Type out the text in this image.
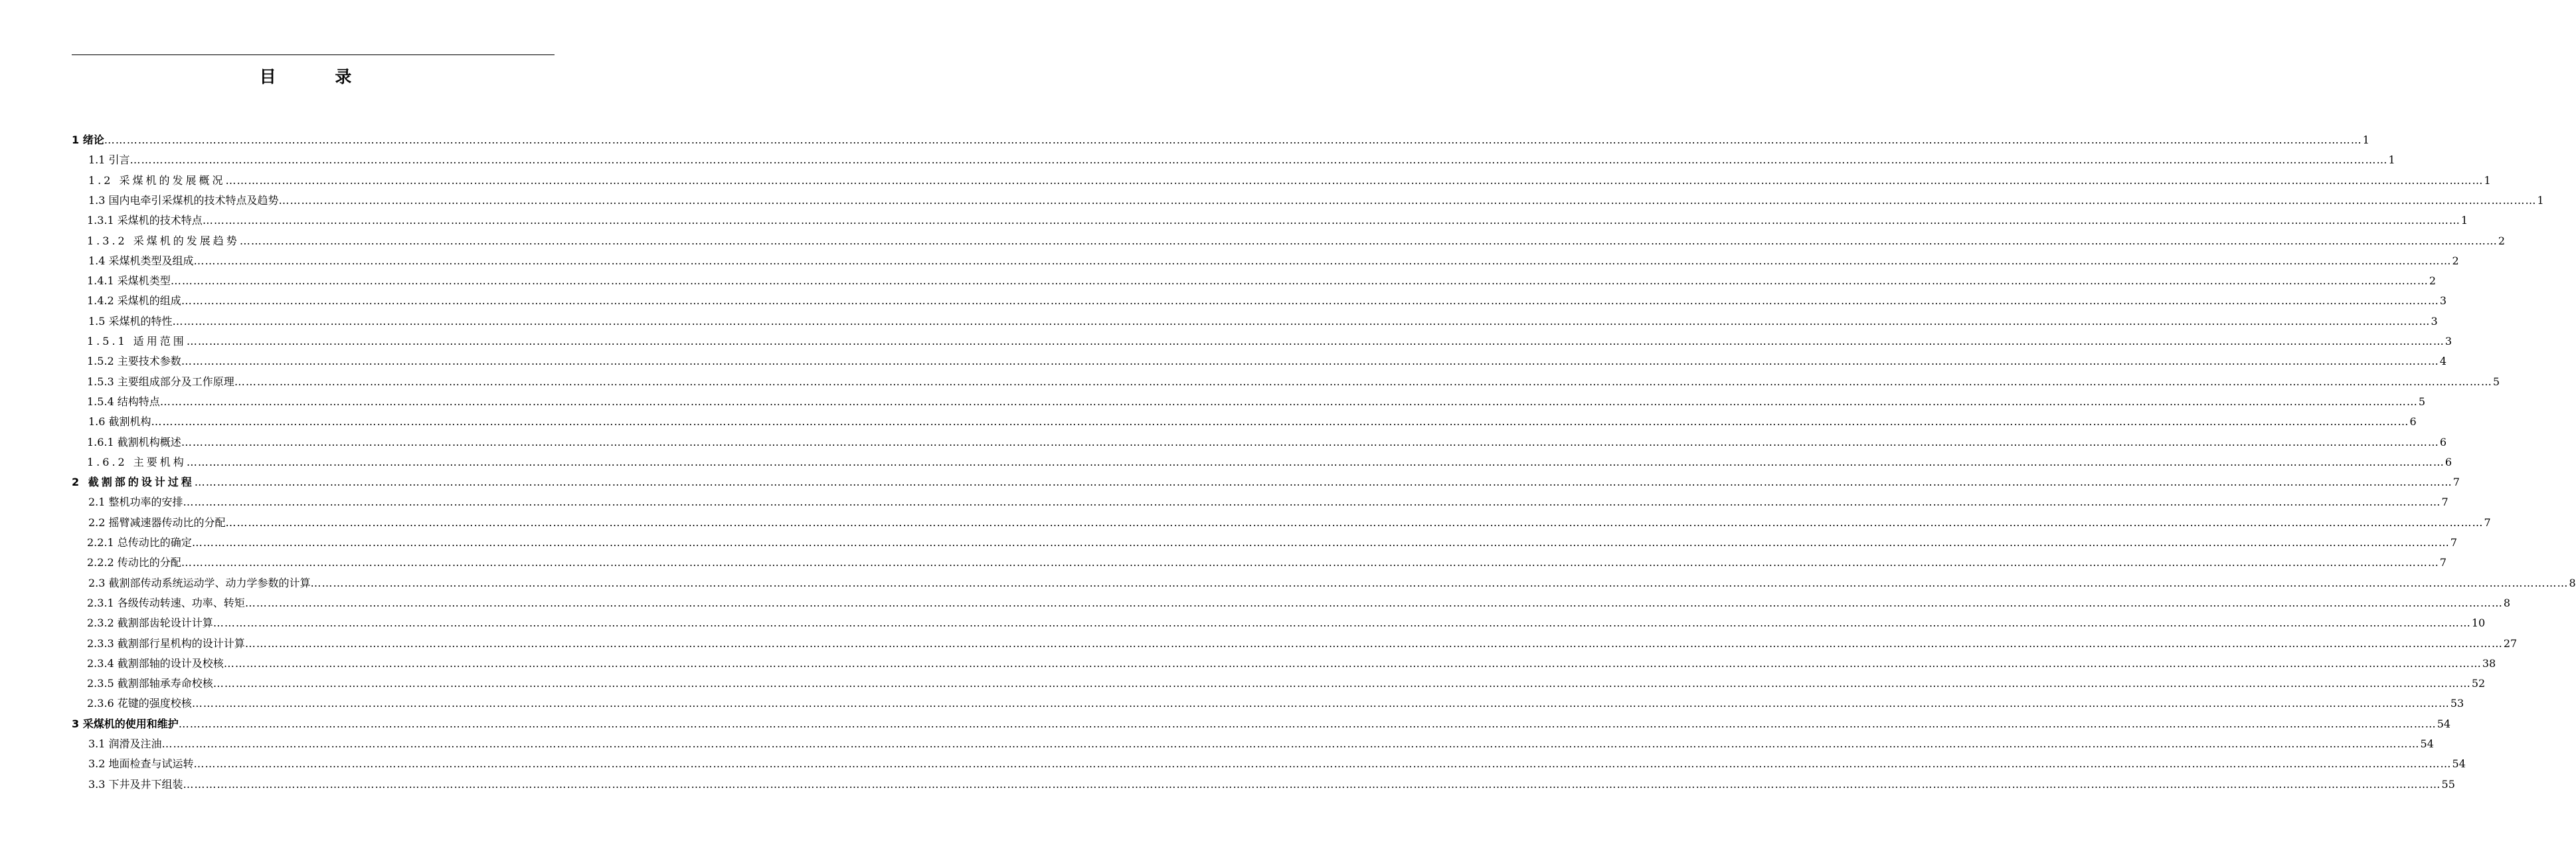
目 录
1 绪论 …………………………………………………………………………………………………………………………………………………………………………………………………………………………………………………………………………………………………………………………………………………………………………………………………………………………………………………………………………………………………………………………………………………… 1
1.1 引言 …………………………………………………………………………………………………………………………………………………………………………………………………………………………………………………………………………………………………………………………………………………………………………………………………………………………………………………………………………………………………………………………………………………… 1
1.2 采煤机的发展概况 …………………………………………………………………………………………………………………………………………………………………………………………………………………………………………………………………………………………………………………………………………………………………………………………………………………………………………………………………………………………………………………………………………………… 1
1.3 国内电牵引采煤机的技术特点及趋势 …………………………………………………………………………………………………………………………………………………………………………………………………………………………………………………………………………………………………………………………………………………………………………………………………………………………………………………………………………………………………………………………………………………… 1
1.3.1 采煤机的技术特点 …………………………………………………………………………………………………………………………………………………………………………………………………………………………………………………………………………………………………………………………………………………………………………………………………………………………………………………………………………………………………………………………………………………… 1
1.3.2 采煤机的发展趋势 …………………………………………………………………………………………………………………………………………………………………………………………………………………………………………………………………………………………………………………………………………………………………………………………………………………………………………………………………………………………………………………………………………………… 2
1.4 采煤机类型及组成 …………………………………………………………………………………………………………………………………………………………………………………………………………………………………………………………………………………………………………………………………………………………………………………………………………………………………………………………………………………………………………………………………………………… 2
1.4.1 采煤机类型 …………………………………………………………………………………………………………………………………………………………………………………………………………………………………………………………………………………………………………………………………………………………………………………………………………………………………………………………………………………………………………………………………………………… 2
1.4.2 采煤机的组成 …………………………………………………………………………………………………………………………………………………………………………………………………………………………………………………………………………………………………………………………………………………………………………………………………………………………………………………………………………………………………………………………………………………… 3
1.5 采煤机的特性 …………………………………………………………………………………………………………………………………………………………………………………………………………………………………………………………………………………………………………………………………………………………………………………………………………………………………………………………………………………………………………………………………………………… 3
1.5.1 适用范围 …………………………………………………………………………………………………………………………………………………………………………………………………………………………………………………………………………………………………………………………………………………………………………………………………………………………………………………………………………………………………………………………………………………… 3
1.5.2 主要技术参数 …………………………………………………………………………………………………………………………………………………………………………………………………………………………………………………………………………………………………………………………………………………………………………………………………………………………………………………………………………………………………………………………………………………… 4
1.5.3 主要组成部分及工作原理 …………………………………………………………………………………………………………………………………………………………………………………………………………………………………………………………………………………………………………………………………………………………………………………………………………………………………………………………………………………………………………………………………………………… 5
1.5.4 结构特点 …………………………………………………………………………………………………………………………………………………………………………………………………………………………………………………………………………………………………………………………………………………………………………………………………………………………………………………………………………………………………………………………………………………… 5
1.6 截割机构 …………………………………………………………………………………………………………………………………………………………………………………………………………………………………………………………………………………………………………………………………………………………………………………………………………………………………………………………………………………………………………………………………………………… 6
1.6.1 截割机构概述 …………………………………………………………………………………………………………………………………………………………………………………………………………………………………………………………………………………………………………………………………………………………………………………………………………………………………………………………………………………………………………………………………………………… 6
1.6.2 主要机构 …………………………………………………………………………………………………………………………………………………………………………………………………………………………………………………………………………………………………………………………………………………………………………………………………………………………………………………………………………………………………………………………………………………… 6
2 截割部的设计过程 …………………………………………………………………………………………………………………………………………………………………………………………………………………………………………………………………………………………………………………………………………………………………………………………………………………………………………………………………………………………………………………………………………………… 7
2.1 整机功率的安排 …………………………………………………………………………………………………………………………………………………………………………………………………………………………………………………………………………………………………………………………………………………………………………………………………………………………………………………………………………………………………………………………………………………… 7
2.2 摇臂减速器传动比的分配 …………………………………………………………………………………………………………………………………………………………………………………………………………………………………………………………………………………………………………………………………………………………………………………………………………………………………………………………………………………………………………………………………………………… 7
2.2.1 总传动比的确定 …………………………………………………………………………………………………………………………………………………………………………………………………………………………………………………………………………………………………………………………………………………………………………………………………………………………………………………………………………………………………………………………………………………… 7
2.2.2 传动比的分配 …………………………………………………………………………………………………………………………………………………………………………………………………………………………………………………………………………………………………………………………………………………………………………………………………………………………………………………………………………………………………………………………………………………… 7
2.3 截割部传动系统运动学、动力学参数的计算 …………………………………………………………………………………………………………………………………………………………………………………………………………………………………………………………………………………………………………………………………………………………………………………………………………………………………………………………………………………………………………………………………………………… 8
2.3.1 各级传动转速、功率、转矩 …………………………………………………………………………………………………………………………………………………………………………………………………………………………………………………………………………………………………………………………………………………………………………………………………………………………………………………………………………………………………………………………………………………… 8
2.3.2 截割部齿轮设计计算 …………………………………………………………………………………………………………………………………………………………………………………………………………………………………………………………………………………………………………………………………………………………………………………………………………………………………………………………………………………………………………………………………………………… 10
2.3.3 截割部行星机构的设计计算 …………………………………………………………………………………………………………………………………………………………………………………………………………………………………………………………………………………………………………………………………………………………………………………………………………………………………………………………………………………………………………………………………………………… 27
2.3.4 截割部轴的设计及校核 …………………………………………………………………………………………………………………………………………………………………………………………………………………………………………………………………………………………………………………………………………………………………………………………………………………………………………………………………………………………………………………………………………………… 38
2.3.5 截割部轴承寿命校核 …………………………………………………………………………………………………………………………………………………………………………………………………………………………………………………………………………………………………………………………………………………………………………………………………………………………………………………………………………………………………………………………………………………… 52
2.3.6 花键的强度校核 …………………………………………………………………………………………………………………………………………………………………………………………………………………………………………………………………………………………………………………………………………………………………………………………………………………………………………………………………………………………………………………………………………………… 53
3 采煤机的使用和维护 …………………………………………………………………………………………………………………………………………………………………………………………………………………………………………………………………………………………………………………………………………………………………………………………………………………………………………………………………………………………………………………………………………………… 54
3.1 润滑及注油 …………………………………………………………………………………………………………………………………………………………………………………………………………………………………………………………………………………………………………………………………………………………………………………………………………………………………………………………………………………………………………………………………………………… 54
3.2 地面检查与试运转 …………………………………………………………………………………………………………………………………………………………………………………………………………………………………………………………………………………………………………………………………………………………………………………………………………………………………………………………………………………………………………………………………………………… 54
3.3 下井及井下组装 …………………………………………………………………………………………………………………………………………………………………………………………………………………………………………………………………………………………………………………………………………………………………………………………………………………………………………………………………………………………………………………………………………………… 55
